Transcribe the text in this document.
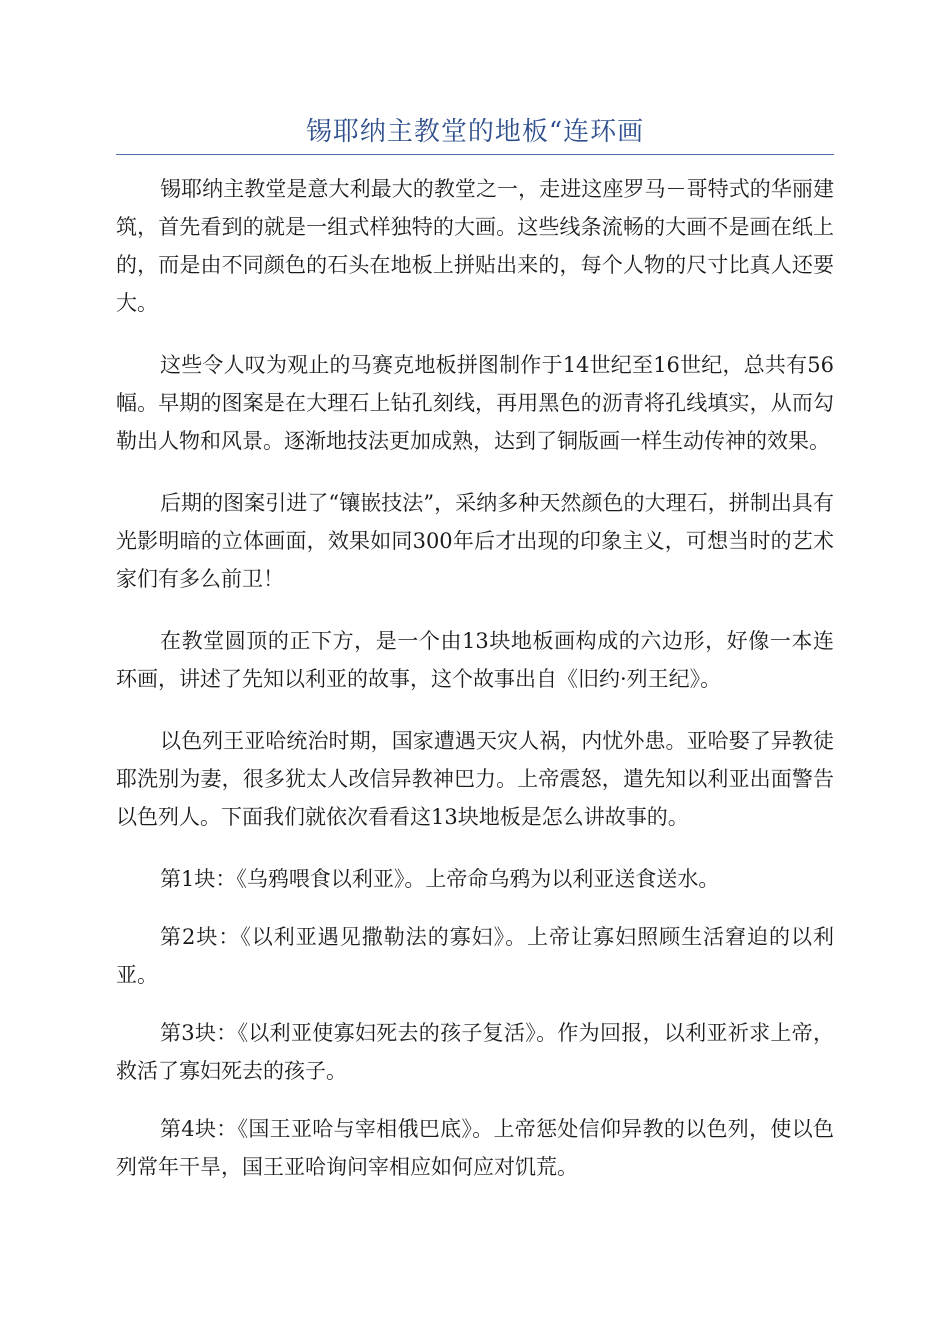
锡耶纳主教堂的地板“连环画

锡耶纳主教堂是意大利最大的教堂之一，走进这座罗马－哥特式的华丽建筑，首先看到的就是一组式样独特的大画。这些线条流畅的大画不是画在纸上的，而是由不同颜色的石头在地板上拼贴出来的，每个人物的尺寸比真人还要大。

这些令人叹为观止的马赛克地板拼图制作于14世纪至16世纪，总共有56幅。早期的图案是在大理石上钻孔刻线，再用黑色的沥青将孔线填实，从而勾勒出人物和风景。逐渐地技法更加成熟，达到了铜版画一样生动传神的效果。

后期的图案引进了“镶嵌技法”，采纳多种天然颜色的大理石，拼制出具有光影明暗的立体画面，效果如同300年后才出现的印象主义，可想当时的艺术家们有多么前卫！

在教堂圆顶的正下方，是一个由13块地板画构成的六边形，好像一本连环画，讲述了先知以利亚的故事，这个故事出自《旧约·列王纪》。

以色列王亚哈统治时期，国家遭遇天灾人祸，内忧外患。亚哈娶了异教徒耶洗别为妻，很多犹太人改信异教神巴力。上帝震怒，遣先知以利亚出面警告以色列人。下面我们就依次看看这13块地板是怎么讲故事的。

第1块：《乌鸦喂食以利亚》。上帝命乌鸦为以利亚送食送水。

第2块：《以利亚遇见撒勒法的寡妇》。上帝让寡妇照顾生活窘迫的以利亚。

第3块：《以利亚使寡妇死去的孩子复活》。作为回报，以利亚祈求上帝，救活了寡妇死去的孩子。

第4块：《国王亚哈与宰相俄巴底》。上帝惩处信仰异教的以色列，使以色列常年干旱，国王亚哈询问宰相应如何应对饥荒。
